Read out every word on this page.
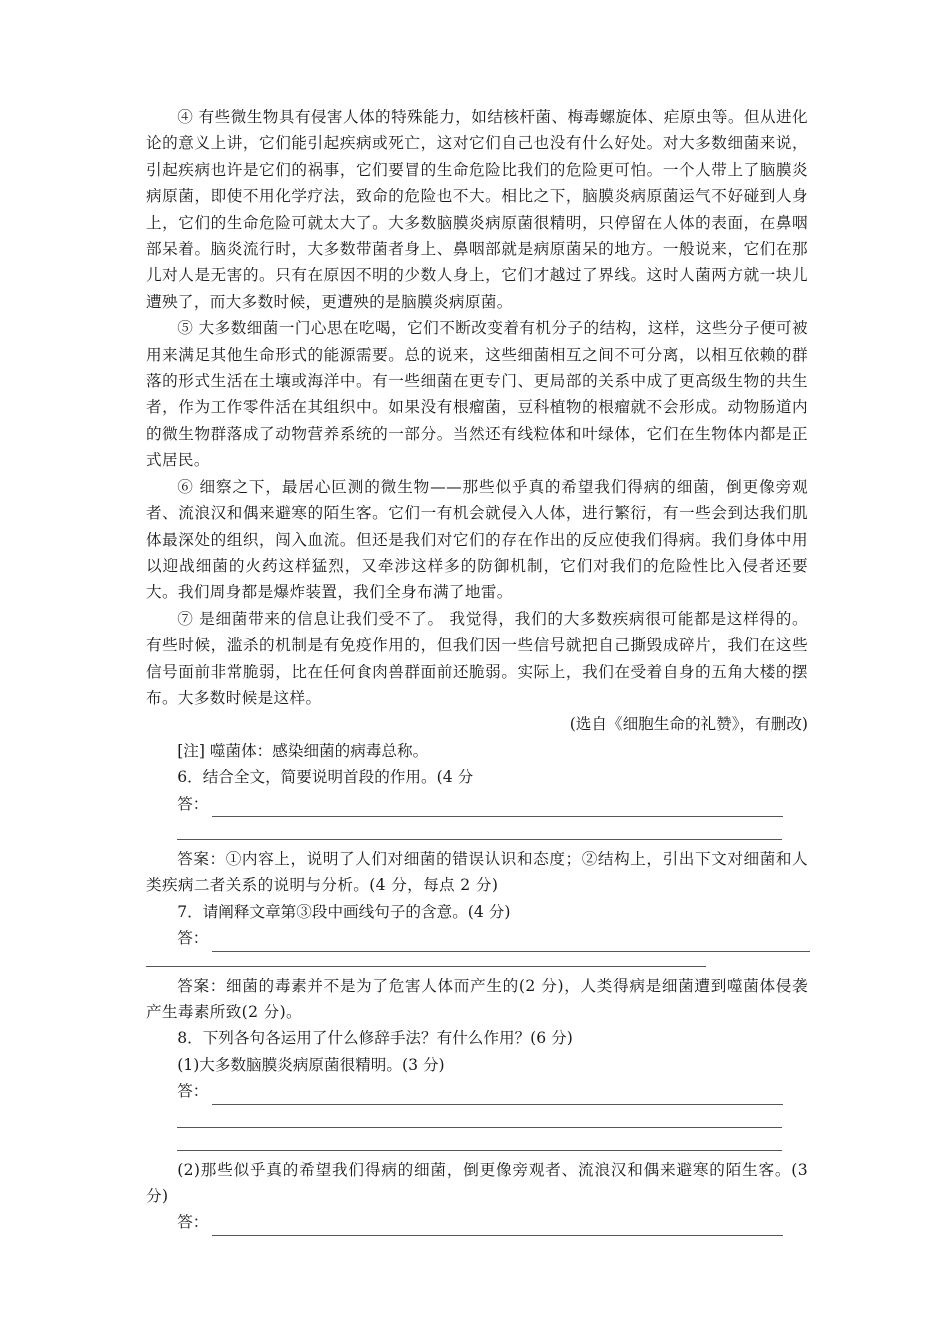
④ 有些微生物具有侵害人体的特殊能力，如结核杆菌、梅毒螺旋体、疟原虫等。但从进化论的意义上讲，它们能引起疾病或死亡，这对它们自己也没有什么好处。对大多数细菌来说，引起疾病也许是它们的祸事，它们要冒的生命危险比我们的危险更可怕。一个人带上了脑膜炎病原菌，即使不用化学疗法，致命的危险也不大。相比之下，脑膜炎病原菌运气不好碰到人身上，它们的生命危险可就太大了。大多数脑膜炎病原菌很精明，只停留在人体的表面，在鼻咽部呆着。脑炎流行时，大多数带菌者身上、鼻咽部就是病原菌呆的地方。一般说来，它们在那儿对人是无害的。只有在原因不明的少数人身上，它们才越过了界线。这时人菌两方就一块儿遭殃了，而大多数时候，更遭殃的是脑膜炎病原菌。

⑤ 大多数细菌一门心思在吃喝，它们不断改变着有机分子的结构，这样，这些分子便可被用来满足其他生命形式的能源需要。总的说来，这些细菌相互之间不可分离，以相互依赖的群落的形式生活在土壤或海洋中。有一些细菌在更专门、更局部的关系中成了更高级生物的共生者，作为工作零件活在其组织中。如果没有根瘤菌，豆科植物的根瘤就不会形成。动物肠道内的微生物群落成了动物营养系统的一部分。当然还有线粒体和叶绿体，它们在生物体内都是正式居民。

⑥ 细察之下，最居心叵测的微生物——那些似乎真的希望我们得病的细菌，倒更像旁观者、流浪汉和偶来避寒的陌生客。它们一有机会就侵入人体，进行繁衍，有一些会到达我们肌体最深处的组织，闯入血流。但还是我们对它们的存在作出的反应使我们得病。我们身体中用以迎战细菌的火药这样猛烈，又牵涉这样多的防御机制，它们对我们的危险性比入侵者还要大。我们周身都是爆炸装置，我们全身布满了地雷。

⑦ 是细菌带来的信息让我们受不了。 我觉得，我们的大多数疾病很可能都是这样得的。有些时候，滥杀的机制是有免疫作用的，但我们因一些信号就把自己撕毁成碎片，我们在这些信号面前非常脆弱，比在任何食肉兽群面前还脆弱。实际上，我们在受着自身的五角大楼的摆布。大多数时候是这样。

(选自《细胞生命的礼赞》，有删改)

[注] 噬菌体：感染细菌的病毒总称。

6．结合全文，简要说明首段的作用。(4 分

答：

答案：①内容上，说明了人们对细菌的错误认识和态度；②结构上，引出下文对细菌和人类疾病二者关系的说明与分析。(4 分，每点 2 分)

7．请阐释文章第③段中画线句子的含意。(4 分)

答：

答案：细菌的毒素并不是为了危害人体而产生的(2 分)，人类得病是细菌遭到噬菌体侵袭产生毒素所致(2 分)。

8．下列各句各运用了什么修辞手法？有什么作用？(6 分)

(1)大多数脑膜炎病原菌很精明。(3 分)

答：

(2)那些似乎真的希望我们得病的细菌，倒更像旁观者、流浪汉和偶来避寒的陌生客。(3 分)

答：
